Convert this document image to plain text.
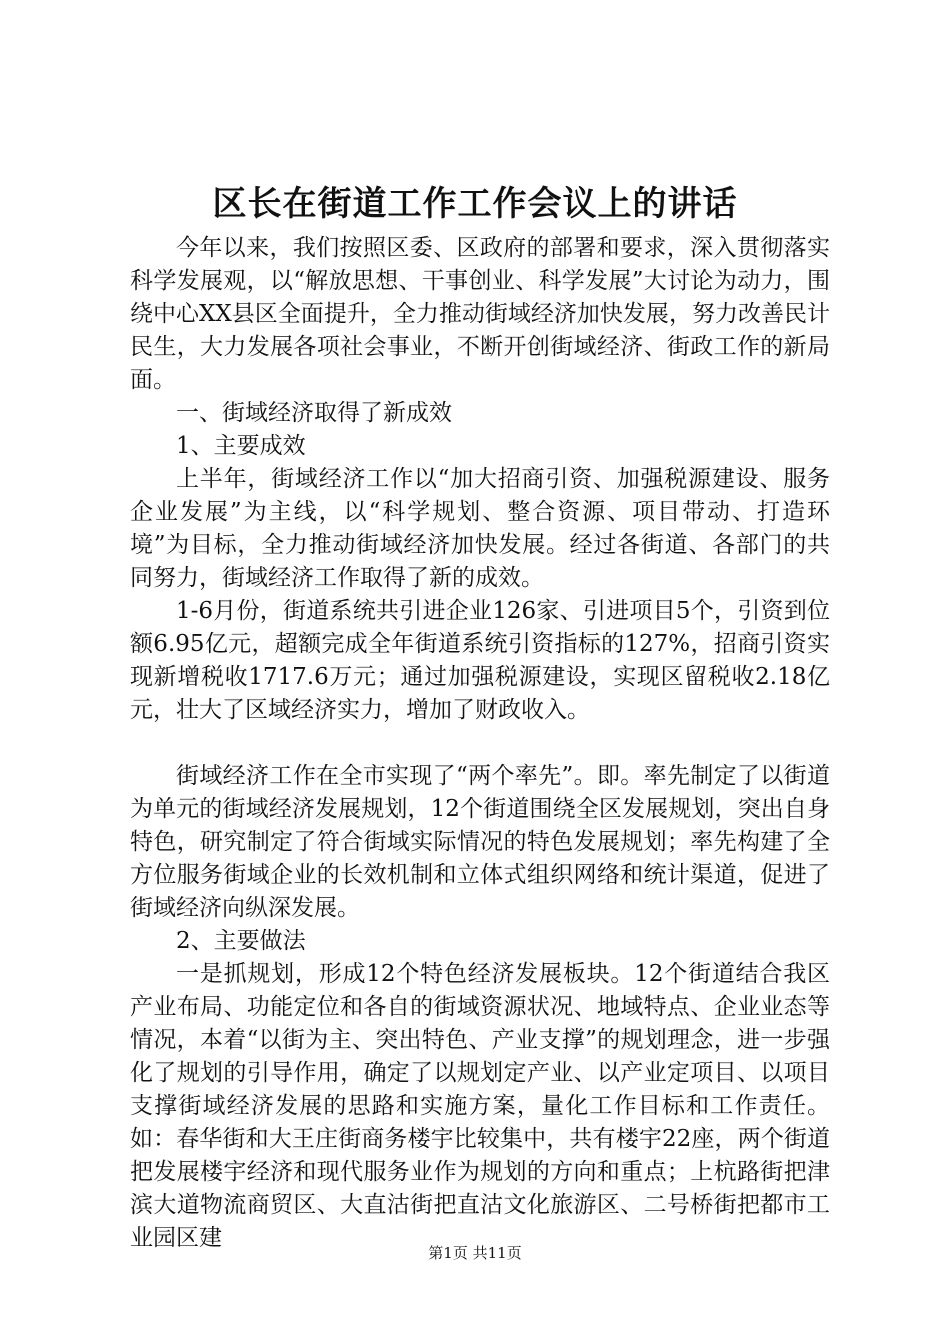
区长在街道工作工作会议上的讲话

今年以来，我们按照区委、区政府的部署和要求，深入贯彻落实科学发展观，以“解放思想、干事创业、科学发展”大讨论为动力，围绕中心XX县区全面提升，全力推动街域经济加快发展，努力改善民计民生，大力发展各项社会事业，不断开创街域经济、街政工作的新局面。

一、街域经济取得了新成效

1、主要成效

上半年，街域经济工作以“加大招商引资、加强税源建设、服务企业发展”为主线，以“科学规划、整合资源、项目带动、打造环境”为目标，全力推动街域经济加快发展。经过各街道、各部门的共同努力，街域经济工作取得了新的成效。

1-6月份，街道系统共引进企业126家、引进项目5个，引资到位额6.95亿元，超额完成全年街道系统引资指标的127%，招商引资实现新增税收1717.6万元；通过加强税源建设，实现区留税收2.18亿元，壮大了区域经济实力，增加了财政收入。

街域经济工作在全市实现了“两个率先”。即。率先制定了以街道为单元的街域经济发展规划，12个街道围绕全区发展规划，突出自身特色，研究制定了符合街域实际情况的特色发展规划；率先构建了全方位服务街域企业的长效机制和立体式组织网络和统计渠道，促进了街域经济向纵深发展。

2、主要做法

一是抓规划，形成12个特色经济发展板块。12个街道结合我区产业布局、功能定位和各自的街域资源状况、地域特点、企业业态等情况，本着“以街为主、突出特色、产业支撑”的规划理念，进一步强化了规划的引导作用，确定了以规划定产业、以产业定项目、以项目支撑街域经济发展的思路和实施方案，量化工作目标和工作责任。如：春华街和大王庄街商务楼宇比较集中，共有楼宇22座，两个街道把发展楼宇经济和现代服务业作为规划的方向和重点；上杭路街把津滨大道物流商贸区、大直沽街把直沽文化旅游区、二号桥街把都市工业园区建

第1页 共11页
